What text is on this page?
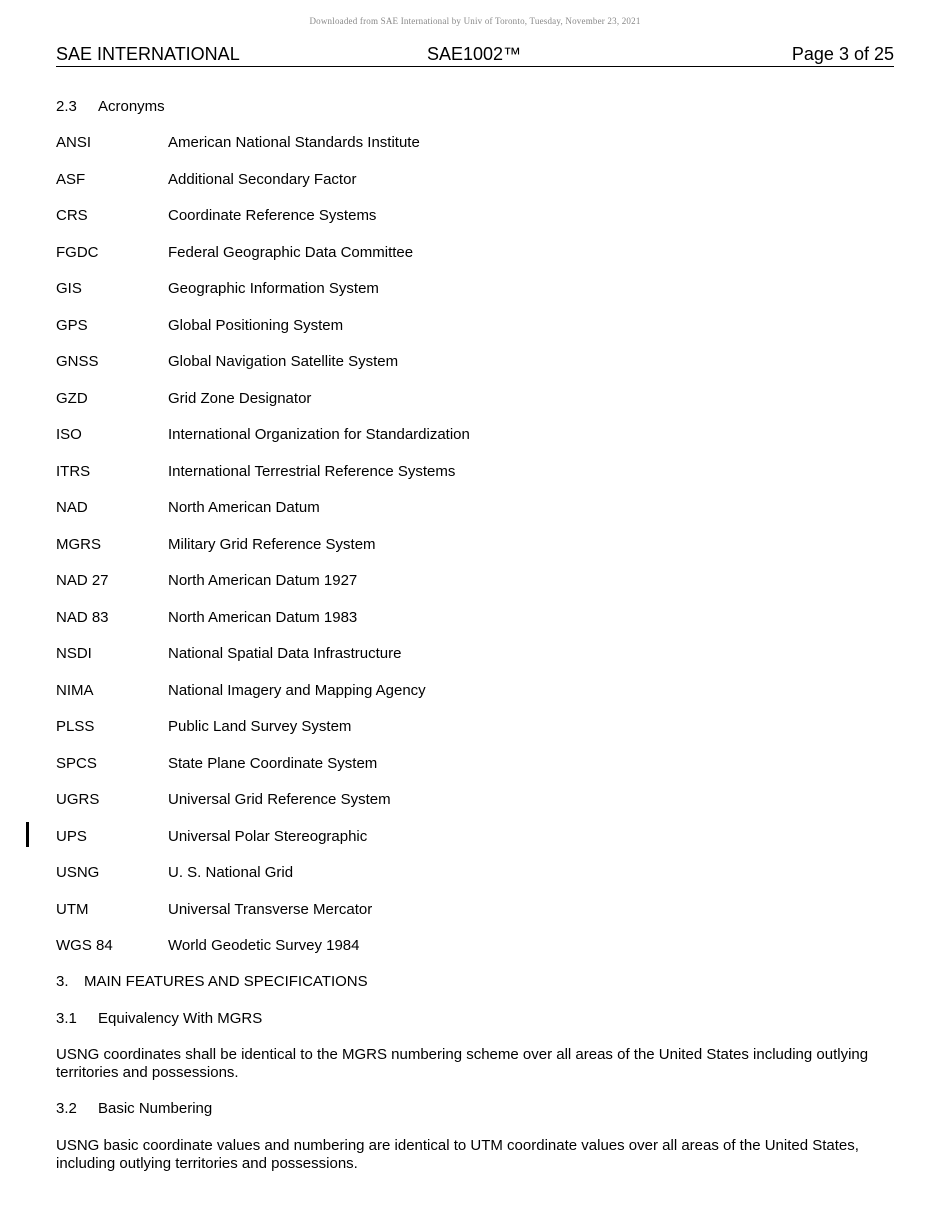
Downloaded from SAE International by Univ of Toronto, Tuesday, November 23, 2021
SAE INTERNATIONAL	SAE1002™	Page 3 of 25
2.3 Acronyms
ANSI	American National Standards Institute
ASF	Additional Secondary Factor
CRS	Coordinate Reference Systems
FGDC	Federal Geographic Data Committee
GIS	Geographic Information System
GPS	Global Positioning System
GNSS	Global Navigation Satellite System
GZD	Grid Zone Designator
ISO	International Organization for Standardization
ITRS	International Terrestrial Reference Systems
NAD	North American Datum
MGRS	Military Grid Reference System
NAD 27	North American Datum 1927
NAD 83	North American Datum 1983
NSDI	National Spatial Data Infrastructure
NIMA	National Imagery and Mapping Agency
PLSS	Public Land Survey System
SPCS	State Plane Coordinate System
UGRS	Universal Grid Reference System
UPS	Universal Polar Stereographic
USNG	U. S. National Grid
UTM	Universal Transverse Mercator
WGS 84	World Geodetic Survey 1984
3. MAIN FEATURES AND SPECIFICATIONS
3.1 Equivalency With MGRS
USNG coordinates shall be identical to the MGRS numbering scheme over all areas of the United States including outlying territories and possessions.
3.2 Basic Numbering
USNG basic coordinate values and numbering are identical to UTM coordinate values over all areas of the United States, including outlying territories and possessions.
